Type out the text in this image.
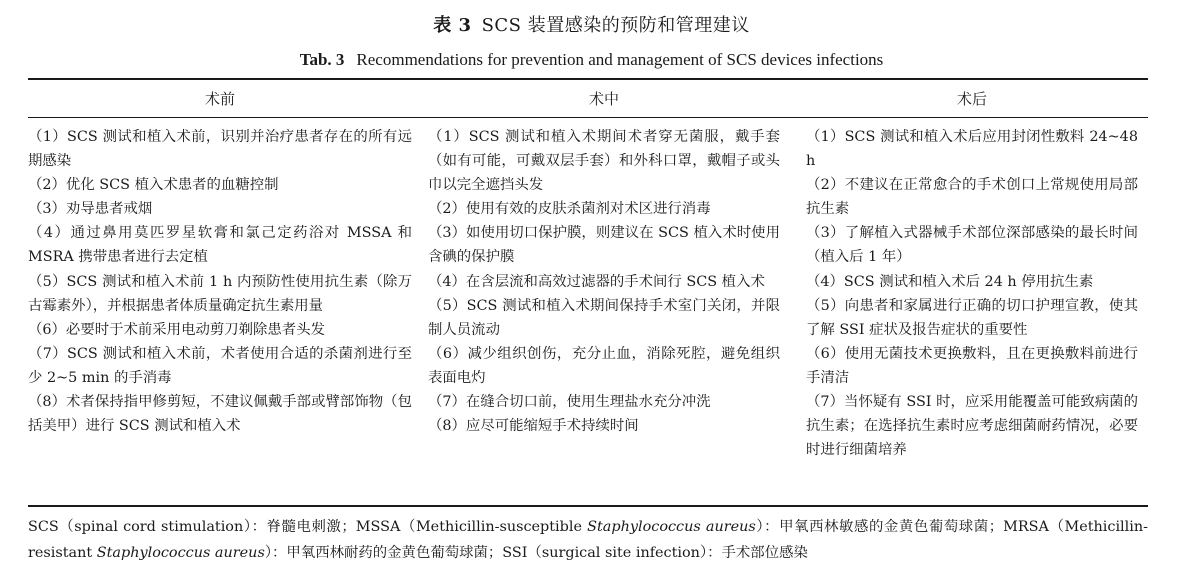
表 3 SCS 装置感染的预防和管理建议
Tab. 3 Recommendations for prevention and management of SCS devices infections
术前	术中	术后

（1）SCS 测试和植入术前，识别并治疗患者存在的所有远期感染

（2）优化 SCS 植入术患者的血糖控制

（3）劝导患者戒烟

（4）通过鼻用莫匹罗星软膏和氯己定药浴对 MSSA 和 MSRA 携带患者进行去定植

（5）SCS 测试和植入术前 1 h 内预防性使用抗生素（除万古霉素外），并根据患者体质量确定抗生素用量

（6）必要时于术前采用电动剪刀剃除患者头发

（7）SCS 测试和植入术前，术者使用合适的杀菌剂进行至少 2~5 min 的手消毒

（8）术者保持指甲修剪短，不建议佩戴手部或臂部饰物（包括美甲）进行 SCS 测试和植入术

（1）SCS 测试和植入术期间术者穿无菌服，戴手套（如有可能，可戴双层手套）和外科口罩，戴帽子或头巾以完全遮挡头发

（2）使用有效的皮肤杀菌剂对术区进行消毒

（3）如使用切口保护膜，则建议在 SCS 植入术时使用含碘的保护膜

（4）在含层流和高效过滤器的手术间行 SCS 植入术

（5）SCS 测试和植入术期间保持手术室门关闭，并限制人员流动

（6）减少组织创伤，充分止血，消除死腔，避免组织表面电灼

（7）在缝合切口前，使用生理盐水充分冲洗

（8）应尽可能缩短手术持续时间

（1）SCS 测试和植入术后应用封闭性敷料 24~48 h

（2）不建议在正常愈合的手术创口上常规使用局部抗生素

（3）了解植入式器械手术部位深部感染的最长时间（植入后 1 年）

（4）SCS 测试和植入术后 24 h 停用抗生素

（5）向患者和家属进行正确的切口护理宣教，使其了解 SSI 症状及报告症状的重要性

（6）使用无菌技术更换敷料，且在更换敷料前进行手清洁

（7）当怀疑有 SSI 时，应采用能覆盖可能致病菌的抗生素；在选择抗生素时应考虑细菌耐药情况，必要时进行细菌培养

SCS（spinal cord stimulation）：脊髓电刺激；MSSA（Methicillin-susceptible Staphylococcus aureus）：甲氧西林敏感的金黄色葡萄球菌；MRSA（Methicillin-resistant Staphylococcus aureus）：甲氧西林耐药的金黄色葡萄球菌；SSI（surgical site infection）：手术部位感染
